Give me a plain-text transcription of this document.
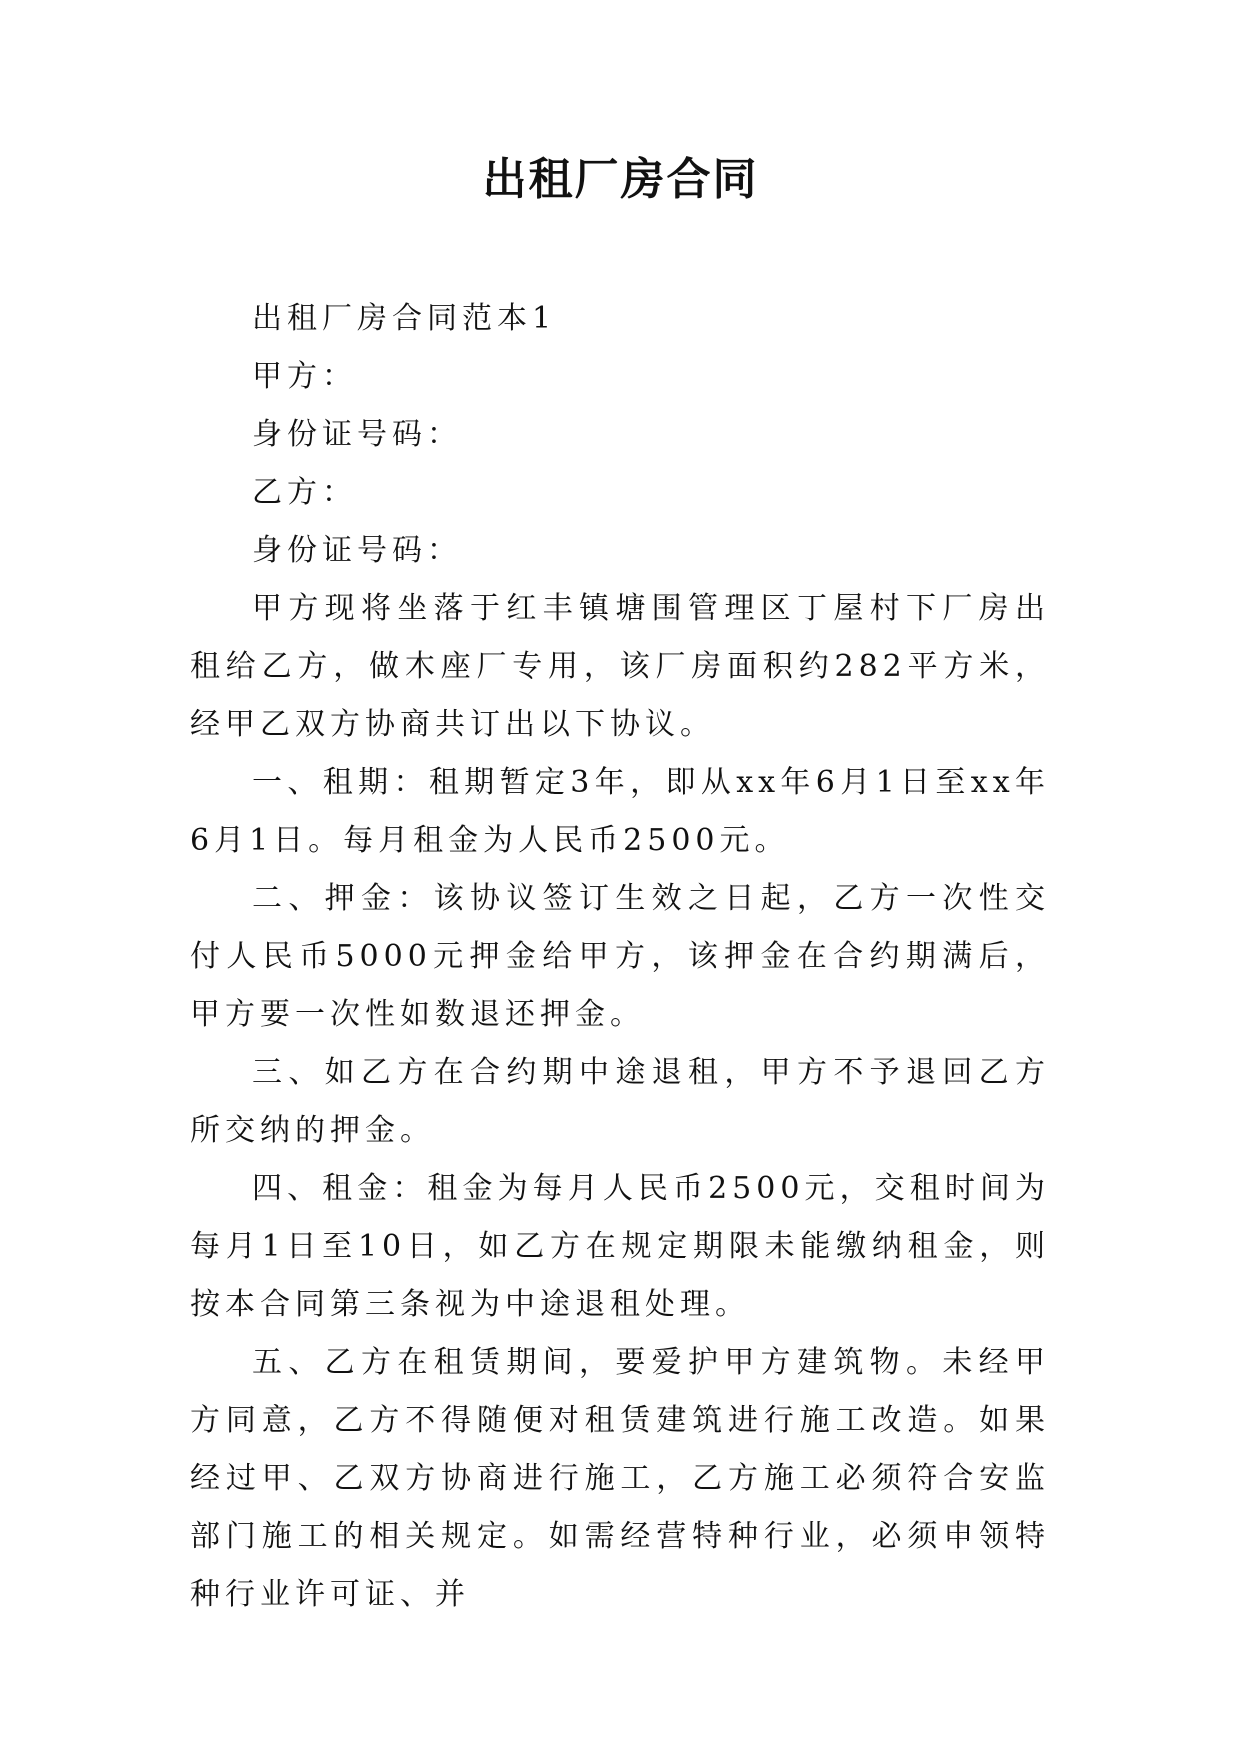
出租厂房合同

出租厂房合同范本1

甲方：

身份证号码：

乙方：

身份证号码：

甲方现将坐落于红丰镇塘围管理区丁屋村下厂房出租给乙方，做木座厂专用，该厂房面积约282平方米，经甲乙双方协商共订出以下协议。

一、租期：租期暂定3年，即从xx年6月1日至xx年6月1日。每月租金为人民币2500元。

二、押金：该协议签订生效之日起，乙方一次性交付人民币5000元押金给甲方，该押金在合约期满后，甲方要一次性如数退还押金。

三、如乙方在合约期中途退租，甲方不予退回乙方所交纳的押金。

四、租金：租金为每月人民币2500元，交租时间为每月1日至10日，如乙方在规定期限未能缴纳租金，则按本合同第三条视为中途退租处理。

五、乙方在租赁期间，要爱护甲方建筑物。未经甲方同意，乙方不得随便对租赁建筑进行施工改造。如果经过甲、乙双方协商进行施工，乙方施工必须符合安监部门施工的相关规定。如需经营特种行业，必须申领特种行业许可证、并
